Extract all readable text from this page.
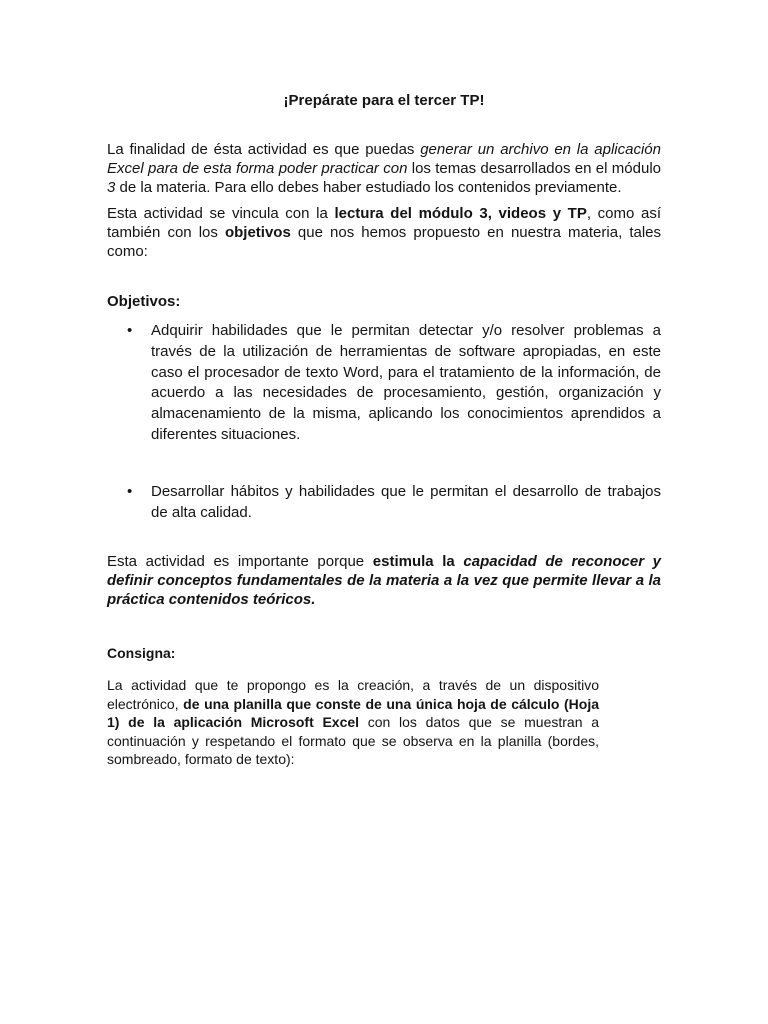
¡Prepárate para el tercer TP!

La finalidad de ésta actividad es que puedas generar un archivo en la aplicación Excel para de esta forma poder practicar con los temas desarrollados en el módulo 3 de la materia. Para ello debes haber estudiado los contenidos previamente.

Esta actividad se vincula con la lectura del módulo 3, videos y TP, como así también con los objetivos que nos hemos propuesto en nuestra materia, tales como:

Objetivos:

• Adquirir habilidades que le permitan detectar y/o resolver problemas a través de la utilización de herramientas de software apropiadas, en este caso el procesador de texto Word, para el tratamiento de la información, de acuerdo a las necesidades de procesamiento, gestión, organización y almacenamiento de la misma, aplicando los conocimientos aprendidos a diferentes situaciones.
• Desarrollar hábitos y habilidades que le permitan el desarrollo de trabajos de alta calidad.

Esta actividad es importante porque estimula la capacidad de reconocer y definir conceptos fundamentales de la materia a la vez que permite llevar a la práctica contenidos teóricos.

Consigna:

La actividad que te propongo es la creación, a través de un dispositivo electrónico, de una planilla que conste de una única hoja de cálculo (Hoja 1) de la aplicación Microsoft Excel con los datos que se muestran a continuación y respetando el formato que se observa en la planilla (bordes, sombreado, formato de texto):
